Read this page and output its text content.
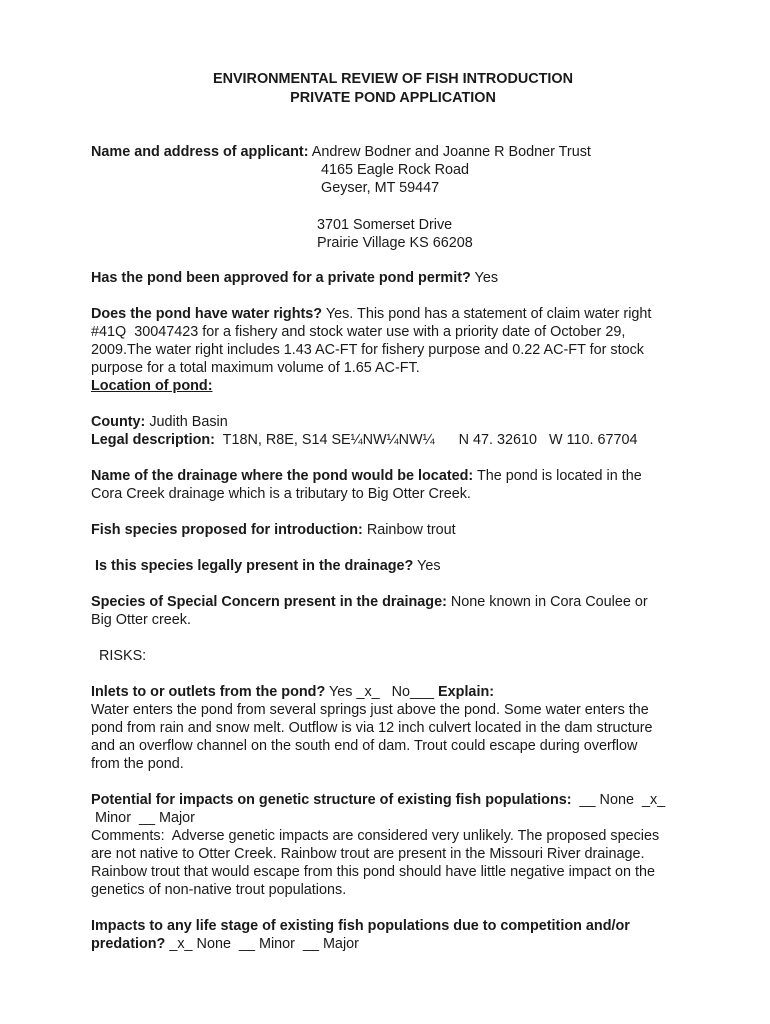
ENVIRONMENTAL REVIEW OF FISH INTRODUCTION
PRIVATE POND APPLICATION
Name and address of applicant: Andrew Bodner and Joanne R Bodner Trust
4165 Eagle Rock Road
Geyser, MT 59447
3701 Somerset Drive
Prairie Village KS 66208
Has the pond been approved for a private pond permit? Yes
Does the pond have water rights? Yes. This pond has a statement of claim water right
#41Q  30047423 for a fishery and stock water use with a priority date of October 29,
2009.The water right includes 1.43 AC-FT for fishery purpose and 0.22 AC-FT for stock
purpose for a total maximum volume of 1.65 AC-FT.
Location of pond:
County: Judith Basin
Legal description:  T18N, R8E, S14 SE¼NW¼NW¼      N 47. 32610   W 110. 67704
Name of the drainage where the pond would be located: The pond is located in the
Cora Creek drainage which is a tributary to Big Otter Creek.
Fish species proposed for introduction: Rainbow trout
Is this species legally present in the drainage? Yes
Species of Special Concern present in the drainage: None known in Cora Coulee or
Big Otter creek.
RISKS:
Inlets to or outlets from the pond? Yes _x_   No___ Explain:
Water enters the pond from several springs just above the pond. Some water enters the
pond from rain and snow melt. Outflow is via 12 inch culvert located in the dam structure
and an overflow channel on the south end of dam. Trout could escape during overflow
from the pond.
Potential for impacts on genetic structure of existing fish populations:  __ None  _x_
Minor  __ Major
Comments:  Adverse genetic impacts are considered very unlikely. The proposed species
are not native to Otter Creek. Rainbow trout are present in the Missouri River drainage.
Rainbow trout that would escape from this pond should have little negative impact on the
genetics of non-native trout populations.
Impacts to any life stage of existing fish populations due to competition and/or
predation? _x_ None  __ Minor  __ Major
